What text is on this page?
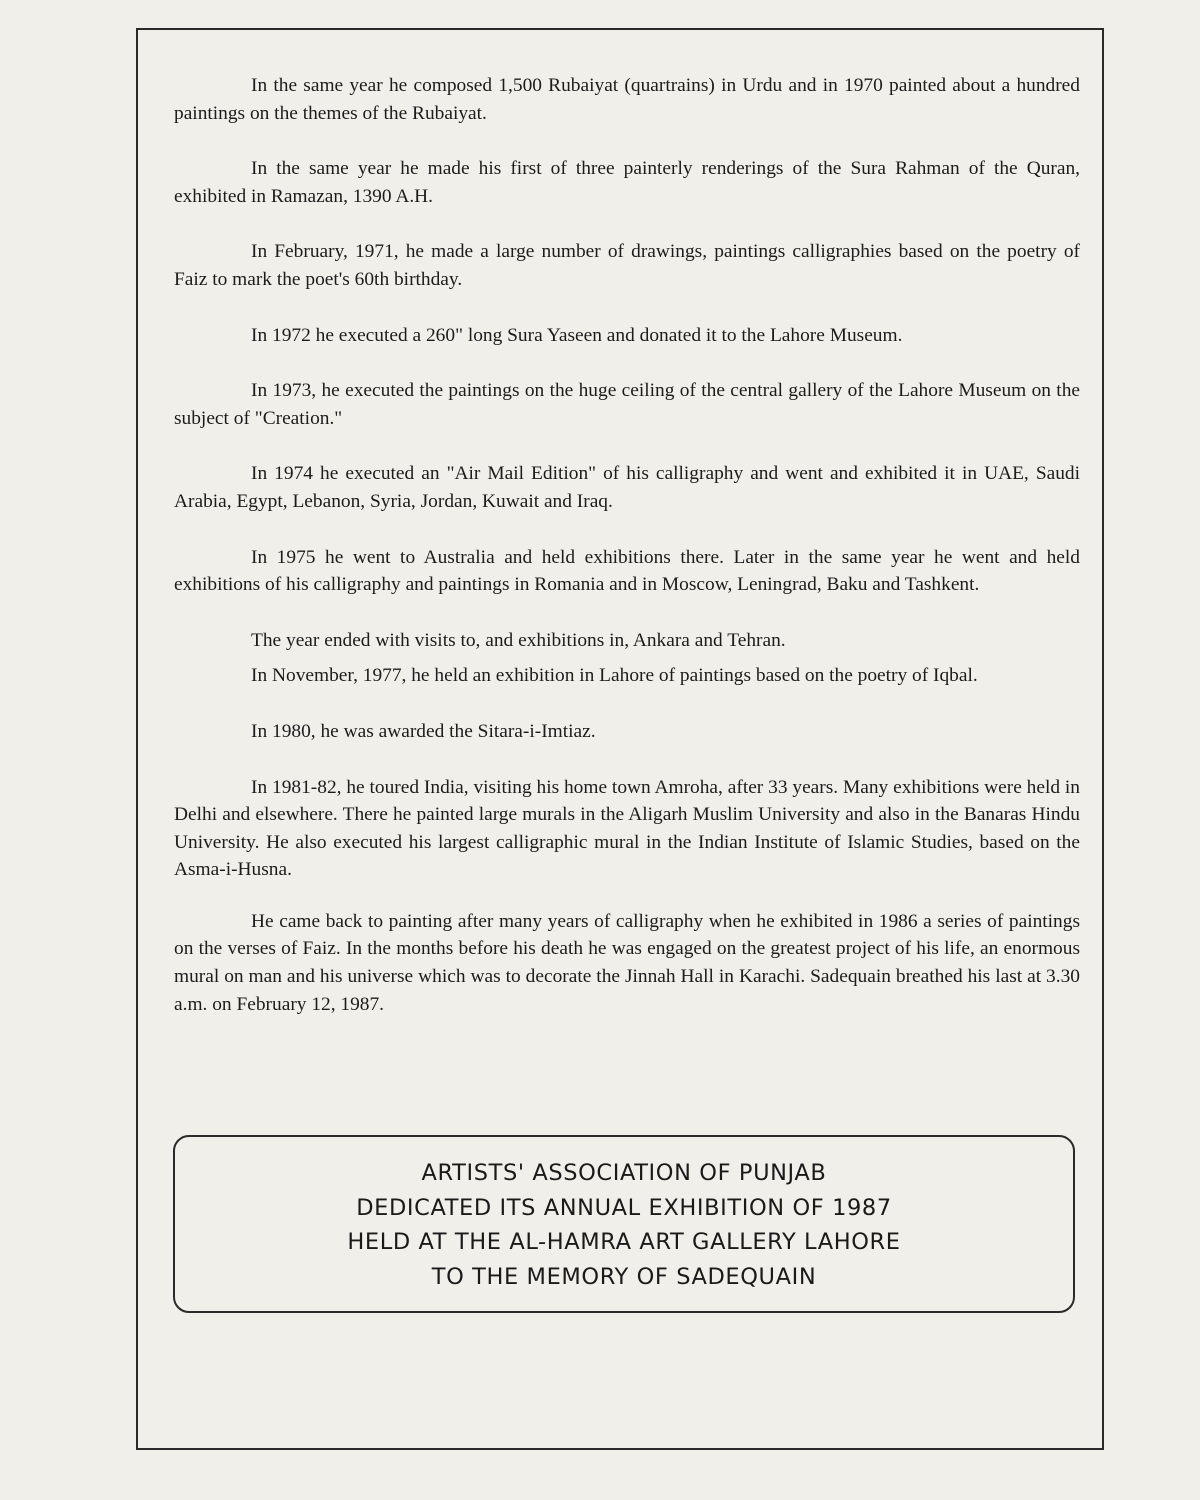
In the same year he composed 1,500 Rubaiyat (quartrains) in Urdu and in 1970 painted about a hundred paintings on the themes of the Rubaiyat.

In the same year he made his first of three painterly renderings of the Sura Rahman of the Quran, exhibited in Ramazan, 1390 A.H.

In February, 1971, he made a large number of drawings, paintings calligraphies based on the poetry of Faiz to mark the poet's 60th birthday.

In 1972 he executed a 260" long Sura Yaseen and donated it to the Lahore Museum.

In 1973, he executed the paintings on the huge ceiling of the central gallery of the Lahore Museum on the subject of "Creation."

In 1974 he executed an "Air Mail Edition" of his calligraphy and went and exhibited it in UAE, Saudi Arabia, Egypt, Lebanon, Syria, Jordan, Kuwait and Iraq.

In 1975 he went to Australia and held exhibitions there. Later in the same year he went and held exhibitions of his calligraphy and paintings in Romania and in Moscow, Leningrad, Baku and Tashkent.

The year ended with visits to, and exhibitions in, Ankara and Tehran.

In November, 1977, he held an exhibition in Lahore of paintings based on the poetry of Iqbal.

In 1980, he was awarded the Sitara-i-Imtiaz.

In 1981-82, he toured India, visiting his home town Amroha, after 33 years. Many exhibitions were held in Delhi and elsewhere. There he painted large murals in the Aligarh Muslim University and also in the Banaras Hindu University. He also executed his largest calligraphic mural in the Indian Institute of Islamic Studies, based on the Asma-i-Husna.

He came back to painting after many years of calligraphy when he exhibited in 1986 a series of paintings on the verses of Faiz. In the months before his death he was engaged on the greatest project of his life, an enormous mural on man and his universe which was to decorate the Jinnah Hall in Karachi. Sadequain breathed his last at 3.30 a.m. on February 12, 1987.

ARTISTS' ASSOCIATION OF PUNJAB
DEDICATED ITS ANNUAL EXHIBITION OF 1987
HELD AT THE AL-HAMRA ART GALLERY LAHORE
TO THE MEMORY OF SADEQUAIN
